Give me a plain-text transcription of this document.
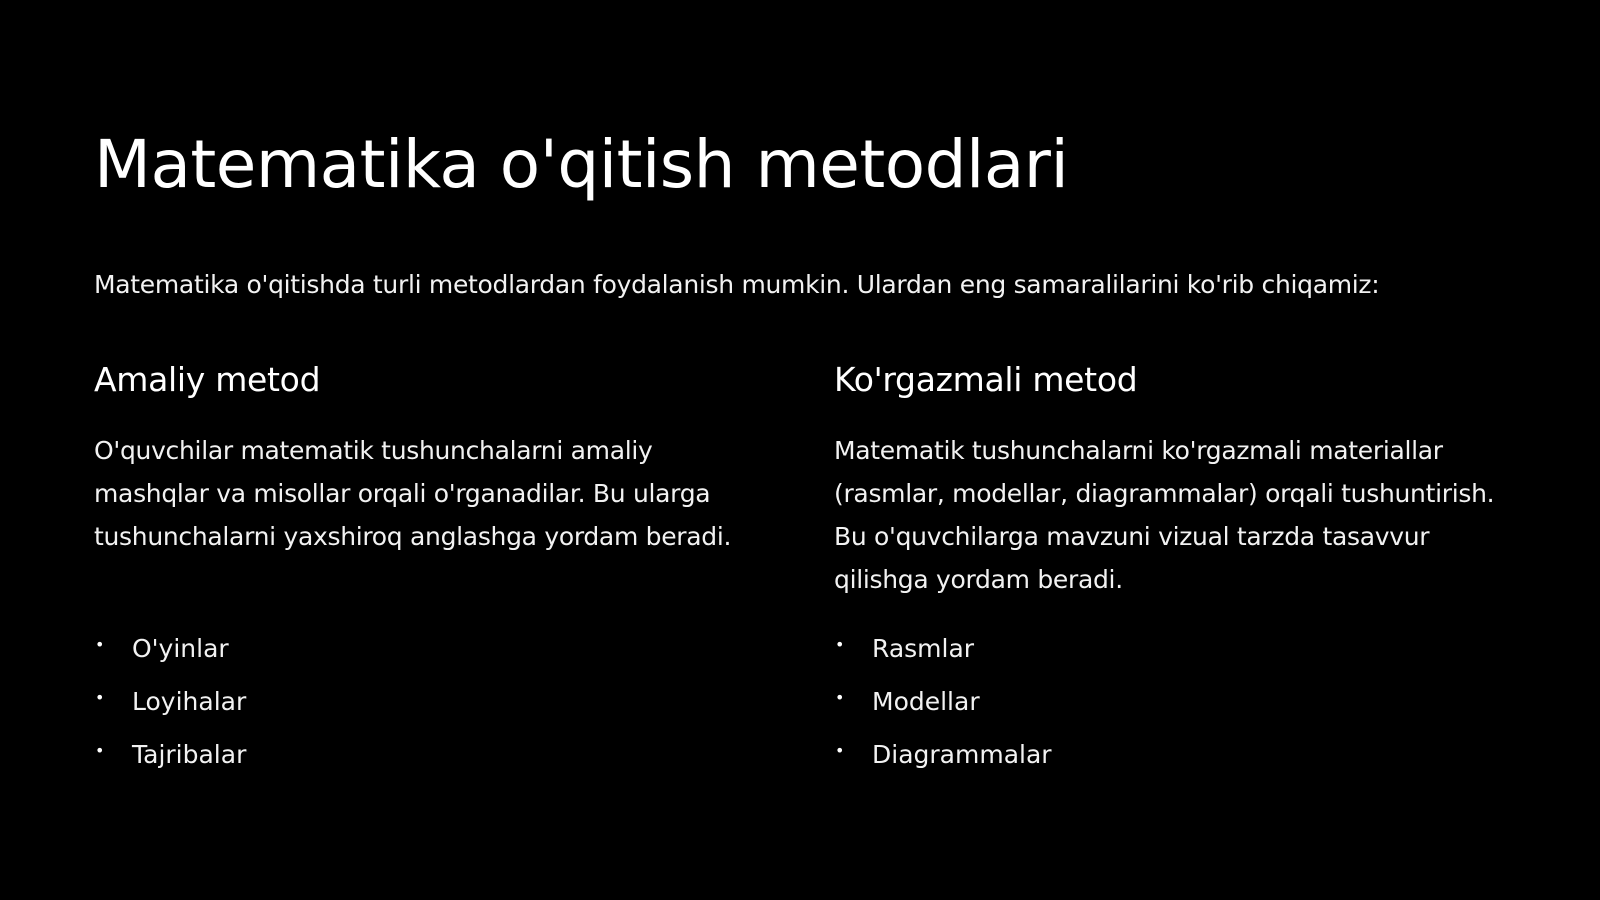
Matematika o'qitish metodlari

Matematika o'qitishda turli metodlardan foydalanish mumkin. Ulardan eng samaralilarini ko'rib chiqamiz:

Amaliy metod

O'quvchilar matematik tushunchalarni amaliy mashqlar va misollar orqali o'rganadilar. Bu ularga tushunchalarni yaxshiroq anglashga yordam beradi.

Ko'rgazmali metod

Matematik tushunchalarni ko'rgazmali materiallar (rasmlar, modellar, diagrammalar) orqali tushuntirish. Bu o'quvchilarga mavzuni vizual tarzda tasavvur qilishga yordam beradi.

• O'yinlar
• Loyihalar
• Tajribalar
• Rasmlar
• Modellar
• Diagrammalar
